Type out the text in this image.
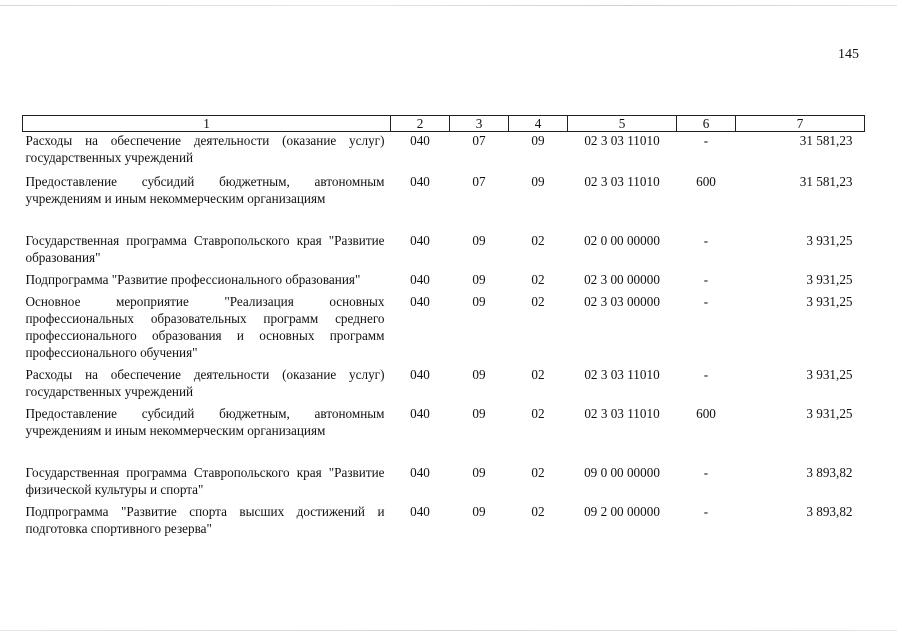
145
1	2	3	4	5	6	7
Расходы на обеспечение деятельности (оказание услуг) государственных учреждений	040	07	09	02 3 03 11010	-	31 581,23
Предоставление субсидий бюджетным, автономным учреждениям и иным некоммерческим организациям	040	07	09	02 3 03 11010	600	31 581,23
Государственная программа Ставропольского края "Развитие образования"	040	09	02	02 0 00 00000	-	3 931,25
Подпрограмма "Развитие профессионального образования"	040	09	02	02 3 00 00000	-	3 931,25
Основное мероприятие "Реализация основных профессиональных образовательных программ среднего профессионального образования и основных программ профессионального обучения"	040	09	02	02 3 03 00000	-	3 931,25
Расходы на обеспечение деятельности (оказание услуг) государственных учреждений	040	09	02	02 3 03 11010	-	3 931,25
Предоставление субсидий бюджетным, автономным учреждениям и иным некоммерческим организациям	040	09	02	02 3 03 11010	600	3 931,25
Государственная программа Ставропольского края "Развитие физической культуры и спорта"	040	09	02	09 0 00 00000	-	3 893,82
Подпрограмма "Развитие спорта высших достижений и подготовка спортивного резерва"	040	09	02	09 2 00 00000	-	3 893,82
